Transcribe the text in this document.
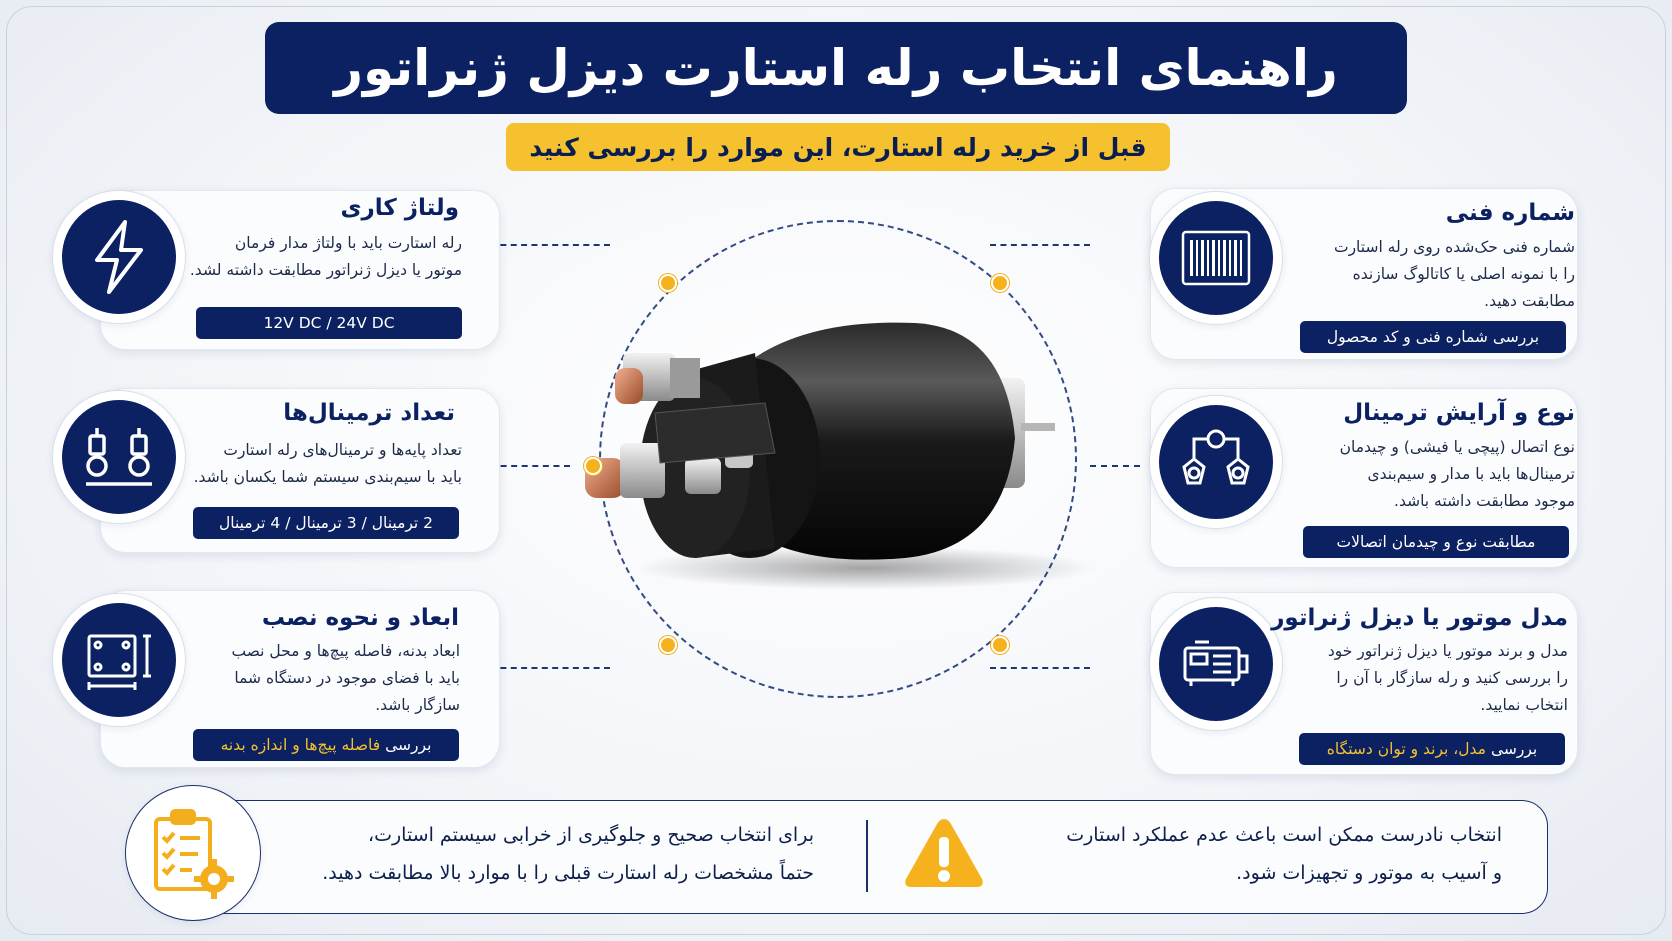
راهنمای انتخاب رله استارت دیزل ژنراتور
قبل از خرید رله استارت، این موارد را بررسی کنید
ولتاژ کاری
رله استارت باید با ولتاژ مدار فرمان
موتور یا دیزل ژنراتور مطابقت داشته لشد.
12V DC / 24V DC
تعداد ترمینال‌ها
تعداد پایه‌ها و ترمینال‌های رله استارت
باید با سیم‌بندی سیستم شما یکسان باشد.
2 ترمینال / 3 ترمینال / 4 ترمینال
ابعاد و نحوه نصب
ابعاد بدنه، فاصله پیچ‌ها و محل نصب
باید با فضای موجود در دستگاه شما
سازگار باشد.
بررسی

فاصله پیچ‌ها و اندازه بدنه
شماره فنی
شماره فنی حک‌شده روی رله استارت
را با نمونه اصلی یا کاتالوگ سازنده
مطابقت دهید.
بررسی شماره فنی و کد محصول
نوع و آرایش ترمینال
نوع اتصال (پیچی یا فیشی) و چیدمان
ترمینال‌ها باید با مدار و سیم‌بندی
موجود مطابقت داشته باشد.
مطابقت نوع و چیدمان اتصالات
مدل موتور یا دیزل ژنراتور
مدل و برند موتور یا دیزل ژنراتور خود
را بررسی کنید و رله سازگار با آن را
انتخاب نمایید.
بررسی

مدل، برند و توان دستگاه
برای انتخاب صحیح و جلوگیری از خرابی سیستم استارت،
حتماً مشخصات رله استارت قبلی را با موارد بالا مطابقت دهید.
انتخاب نادرست ممکن است باعث عدم عملکرد استارت
و آسیب به موتور و تجهیزات شود.
